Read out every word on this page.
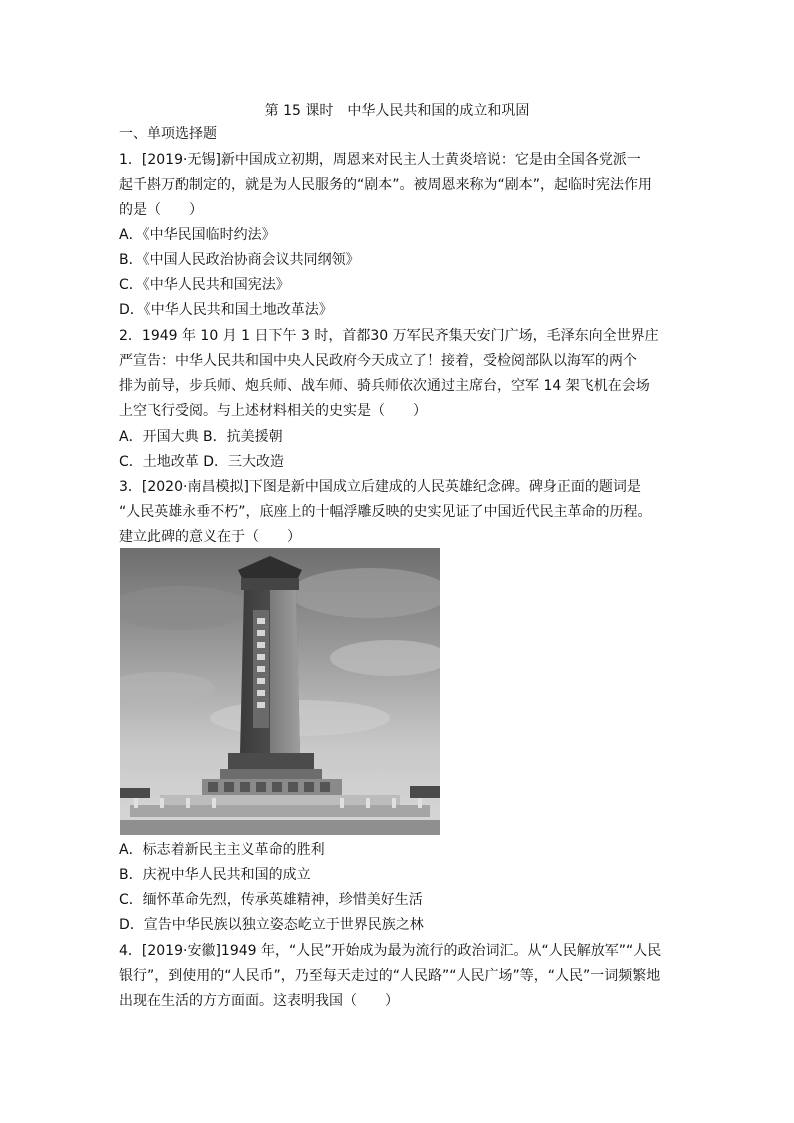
第 15 课时　中华人民共和国的成立和巩固
一、单项选择题
1．[2019·无锡]新中国成立初期，周恩来对民主人士黄炎培说：它是由全国各党派一
起千斟万酌制定的，就是为人民服务的“剧本”。被周恩来称为“剧本”，起临时宪法作用
的是（　　）
A．《中华民国临时约法》
B．《中国人民政治协商会议共同纲领》
C．《中华人民共和国宪法》
D．《中华人民共和国土地改革法》
2．1949 年 10 月 1 日下午 3 时，首都30 万军民齐集天安门广场，毛泽东向全世界庄
严宣告：中华人民共和国中央人民政府今天成立了！接着，受检阅部队以海军的两个
排为前导，步兵师、炮兵师、战车师、骑兵师依次通过主席台，空军 14 架飞机在会场
上空飞行受阅。与上述材料相关的史实是（　　）
A．开国大典 B．抗美援朝
C．土地改革 D．三大改造
3．[2020·南昌模拟]下图是新中国成立后建成的人民英雄纪念碑。碑身正面的题词是
“人民英雄永垂不朽”，底座上的十幅浮雕反映的史实见证了中国近代民主革命的历程。
建立此碑的意义在于（　　）
A．标志着新民主主义革命的胜利
B．庆祝中华人民共和国的成立
C．缅怀革命先烈，传承英雄精神，珍惜美好生活
D．宣告中华民族以独立姿态屹立于世界民族之林
4．[2019·安徽]1949 年，“人民”开始成为最为流行的政治词汇。从“人民解放军”“人民
银行”，到使用的“人民币”，乃至每天走过的“人民路”“人民广场”等，“人民”一词频繁地
出现在生活的方方面面。这表明我国（　　）
